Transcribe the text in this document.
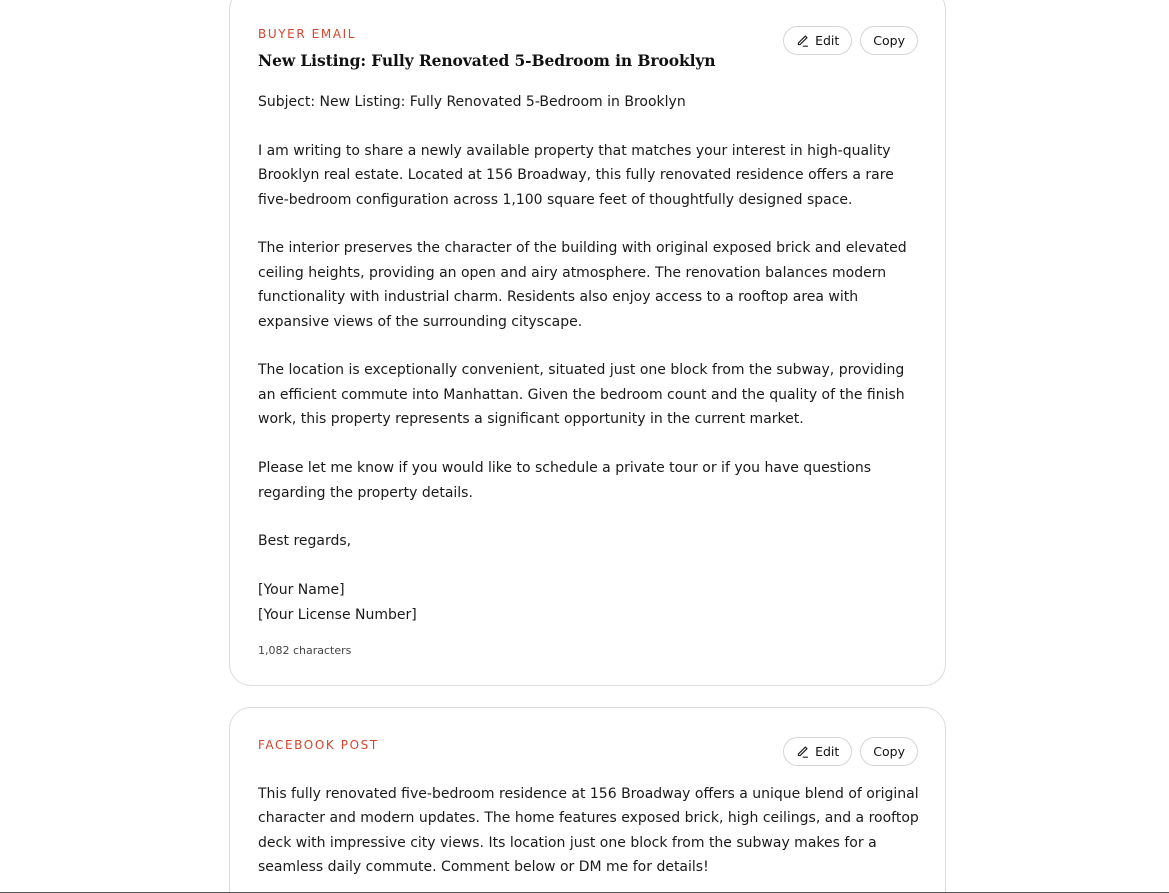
BUYER EMAIL
New Listing: Fully Renovated 5-Bedroom in Brooklyn
Edit	Copy

Subject: New Listing: Fully Renovated 5-Bedroom in Brooklyn

I am writing to share a newly available property that matches your interest in high-quality Brooklyn real estate. Located at 156 Broadway, this fully renovated residence offers a rare five-bedroom configuration across 1,100 square feet of thoughtfully designed space.

The interior preserves the character of the building with original exposed brick and elevated ceiling heights, providing an open and airy atmosphere. The renovation balances modern functionality with industrial charm. Residents also enjoy access to a rooftop area with expansive views of the surrounding cityscape.

The location is exceptionally convenient, situated just one block from the subway, providing an efficient commute into Manhattan. Given the bedroom count and the quality of the finish work, this property represents a significant opportunity in the current market.

Please let me know if you would like to schedule a private tour or if you have questions regarding the property details.

Best regards,

[Your Name]
[Your License Number]

1,082 characters
FACEBOOK POST	Edit	Copy

This fully renovated five-bedroom residence at 156 Broadway offers a unique blend of original character and modern updates. The home features exposed brick, high ceilings, and a rooftop deck with impressive city views. Its location just one block from the subway makes for a seamless daily commute. Comment below or DM me for details!
